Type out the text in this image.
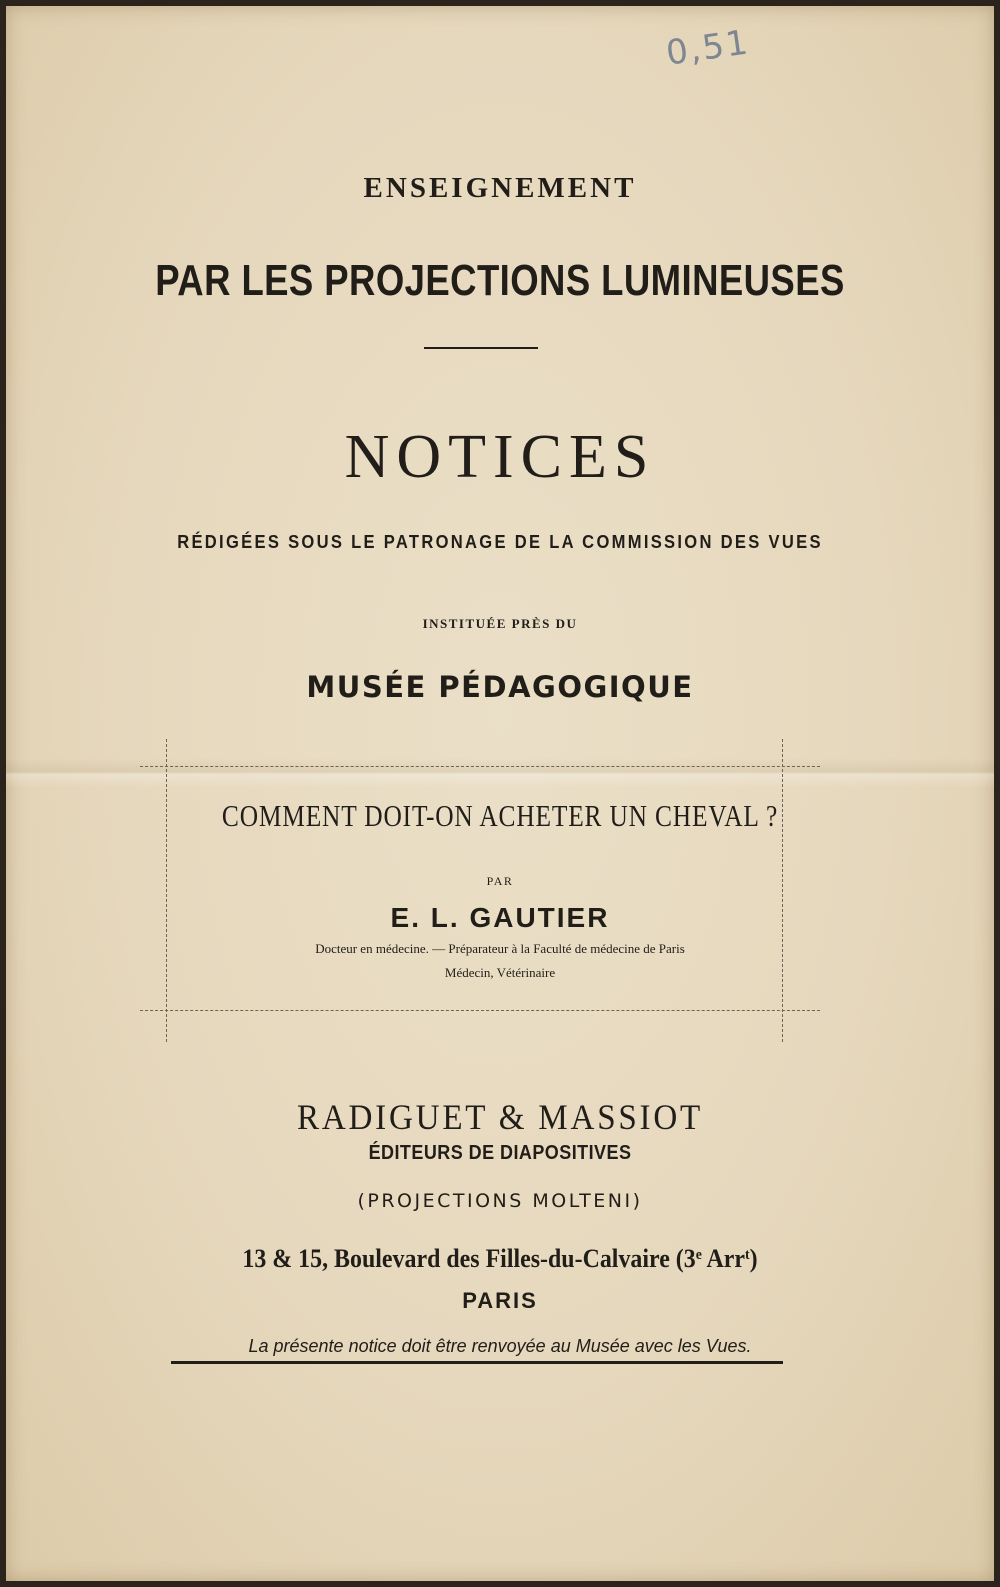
0,51
ENSEIGNEMENT
PAR LES PROJECTIONS LUMINEUSES
NOTICES
RÉDIGÉES SOUS LE PATRONAGE DE LA COMMISSION DES VUES
INSTITUÉE PRÈS DU
MUSÉE PÉDAGOGIQUE
COMMENT DOIT-ON ACHETER UN CHEVAL ?
PAR
E. L. GAUTIER
Docteur en médecine. — Préparateur à la Faculté de médecine de Paris
Médecin, Vétérinaire
RADIGUET & MASSIOT
ÉDITEURS DE DIAPOSITIVES
(PROJECTIONS MOLTENI)
13 & 15, Boulevard des Filles-du-Calvaire (3e Arr$^t$)
PARIS
La présente notice doit être renvoyée au Musée avec les Vues.
